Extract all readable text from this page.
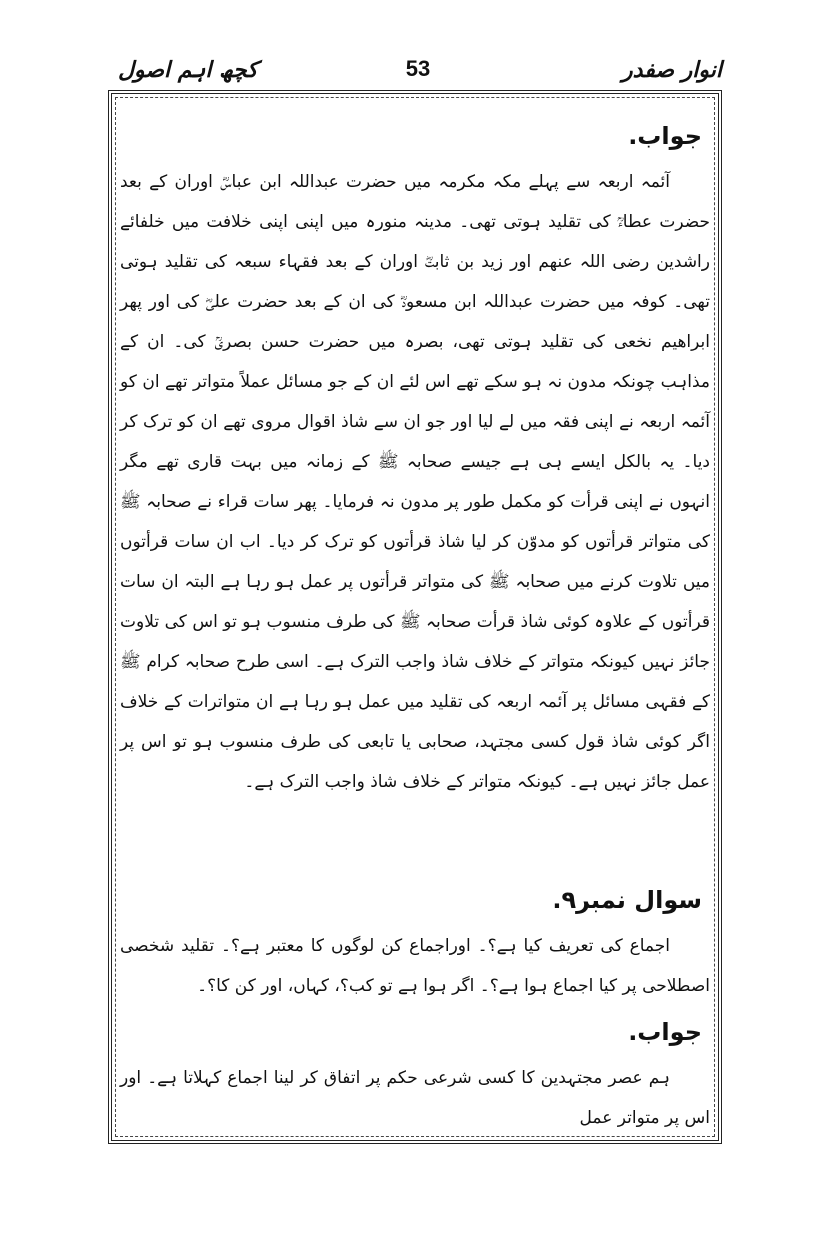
کچھ اہم اصول	53	انوار صفدر
جواب.

آئمہ اربعہ سے پہلے مکہ مکرمہ میں حضرت عبداللہ ابن عباسؓ اوران کے بعد حضرت عطاءؒ کی تقلید ہوتی تھی۔ مدینہ منورہ میں اپنی اپنی خلافت میں خلفائے راشدین رضی اللہ عنھم اور زید بن ثابتؓ اوران کے بعد فقہاء سبعہ کی تقلید ہوتی تھی۔ کوفہ میں حضرت عبداللہ ابن مسعودؓ کی ان کے بعد حضرت علیؓ کی اور پھر ابراھیم نخعی کی تقلید ہوتی تھی، بصرہ میں حضرت حسن بصریؒ کی۔ ان کے مذاہب چونکہ مدون نہ ہو سکے تھے اس لئے ان کے جو مسائل عملاً متواتر تھے ان کو آئمہ اربعہ نے اپنی فقہ میں لے لیا اور جو ان سے شاذ اقوال مروی تھے ان کو ترک کر دیا۔ یہ بالکل ایسے ہی ہے جیسے صحابہ ﷺ کے زمانہ میں بہت قاری تھے مگر انہوں نے اپنی قرأت کو مکمل طور پر مدون نہ فرمایا۔ پھر سات قراء نے صحابہ ﷺ کی متواتر قرأتوں کو مدوّن کر لیا شاذ قرأتوں کو ترک کر دیا۔ اب ان سات قرأتوں میں تلاوت کرنے میں صحابہ ﷺ کی متواتر قرأتوں پر عمل ہو رہا ہے البتہ ان سات قرأتوں کے علاوہ کوئی شاذ قرأت صحابہ ﷺ کی طرف منسوب ہو تو اس کی تلاوت جائز نہیں کیونکہ متواتر کے خلاف شاذ واجب الترک ہے۔ اسی طرح صحابہ کرام ﷺ کے فقہی مسائل پر آئمہ اربعہ کی تقلید میں عمل ہو رہا ہے ان متواترات کے خلاف اگر کوئی شاذ قول کسی مجتہد، صحابی یا تابعی کی طرف منسوب ہو تو اس پر عمل جائز نہیں ہے۔ کیونکہ متواتر کے خلاف شاذ واجب الترک ہے۔

سوال نمبر۹.

اجماع کی تعریف کیا ہے؟۔ اوراجماع کن لوگوں کا معتبر ہے؟۔ تقلید شخصی اصطلاحی پر کیا اجماع ہوا ہے؟۔ اگر ہوا ہے تو کب؟، کہاں، اور کن کا؟۔

جواب.

ہم عصر مجتہدین کا کسی شرعی حکم پر اتفاق کر لینا اجماع کہلاتا ہے۔ اور اس پر متواتر عمل
